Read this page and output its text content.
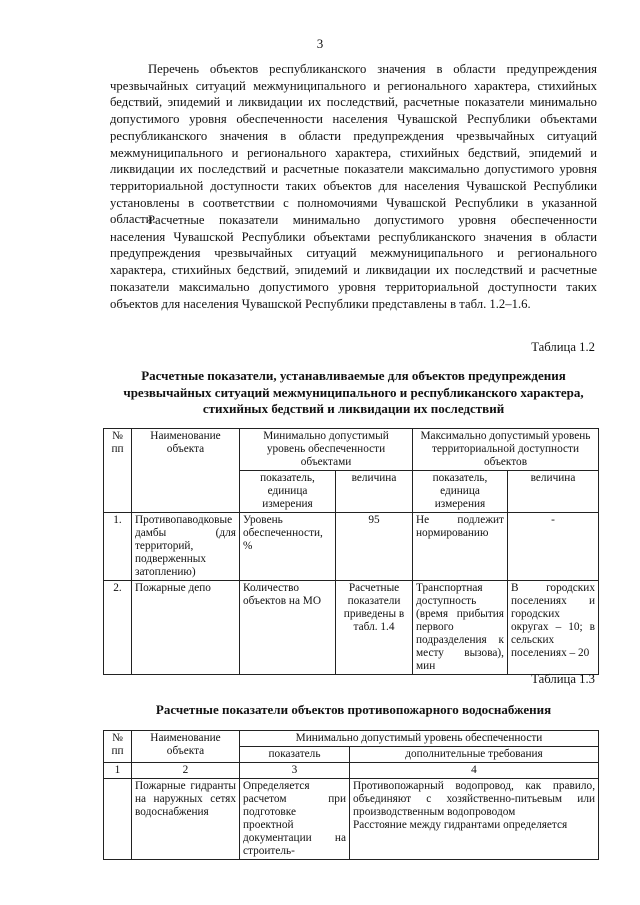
3

Перечень объектов республиканского значения в области предупреждения чрезвычайных ситуаций межмуниципального и регионального характера, стихийных бедствий, эпидемий и ликвидации их последствий, расчетные показатели минимально допустимого уровня обеспеченности населения Чувашской Республики объектами республиканского значения в области предупреждения чрезвычайных ситуаций межмуниципального и регионального характера, стихийных бедствий, эпидемий и ликвидации их последствий и расчетные показатели максимально допустимого уровня территориальной доступности таких объектов для населения Чувашской Республики установлены в соответствии с полномочиями Чувашской Республики в указанной области.

Расчетные показатели минимально допустимого уровня обеспеченности населения Чувашской Республики объектами республиканского значения в области предупреждения чрезвычайных ситуаций межмуниципального и регионального характера, стихийных бедствий, эпидемий и ликвидации их последствий и расчетные показатели максимально допустимого уровня территориальной доступности таких объектов для населения Чувашской Республики представлены в табл. 1.2–1.6.

Таблица 1.2

Расчетные показатели, устанавливаемые для объектов предупреждения чрезвычайных ситуаций межмуниципального и республиканского характера, стихийных бедствий и ликвидации их последствий

№ пп	Наименование объекта	Минимально допустимый уровень обеспеченности объектами		Максимально допустимый уровень территориальной доступности объектов	
		показатель, единица измерения	величина	показатель, единица измерения	величина
1.	Противопаводковые дамбы (для территорий, подверженных затоплению)	Уровень обеспеченности, %	95	Не подлежит нормированию	-
2.	Пожарные депо	Количество объектов на МО	Расчетные показатели приведены в табл. 1.4	Транспортная доступность (время прибытия первого подразделения к месту вызова), мин	В городских поселениях и городских округах – 10; в сельских поселениях – 20
Таблица 1.3

Расчетные показатели объектов противопожарного водоснабжения

№ пп	Наименование объекта	Минимально допустимый уровень обеспеченности	
		показатель	дополнительные требования
1	2	3	4
	Пожарные гидранты на наружных сетях водоснабжения	Определяется расчетом при подготовке проектной документации на строитель-	Противопожарный водопровод, как правило, объединяют с хозяйственно-питьевым или производственным водопроводом
Расстояние между гидрантами определяется
